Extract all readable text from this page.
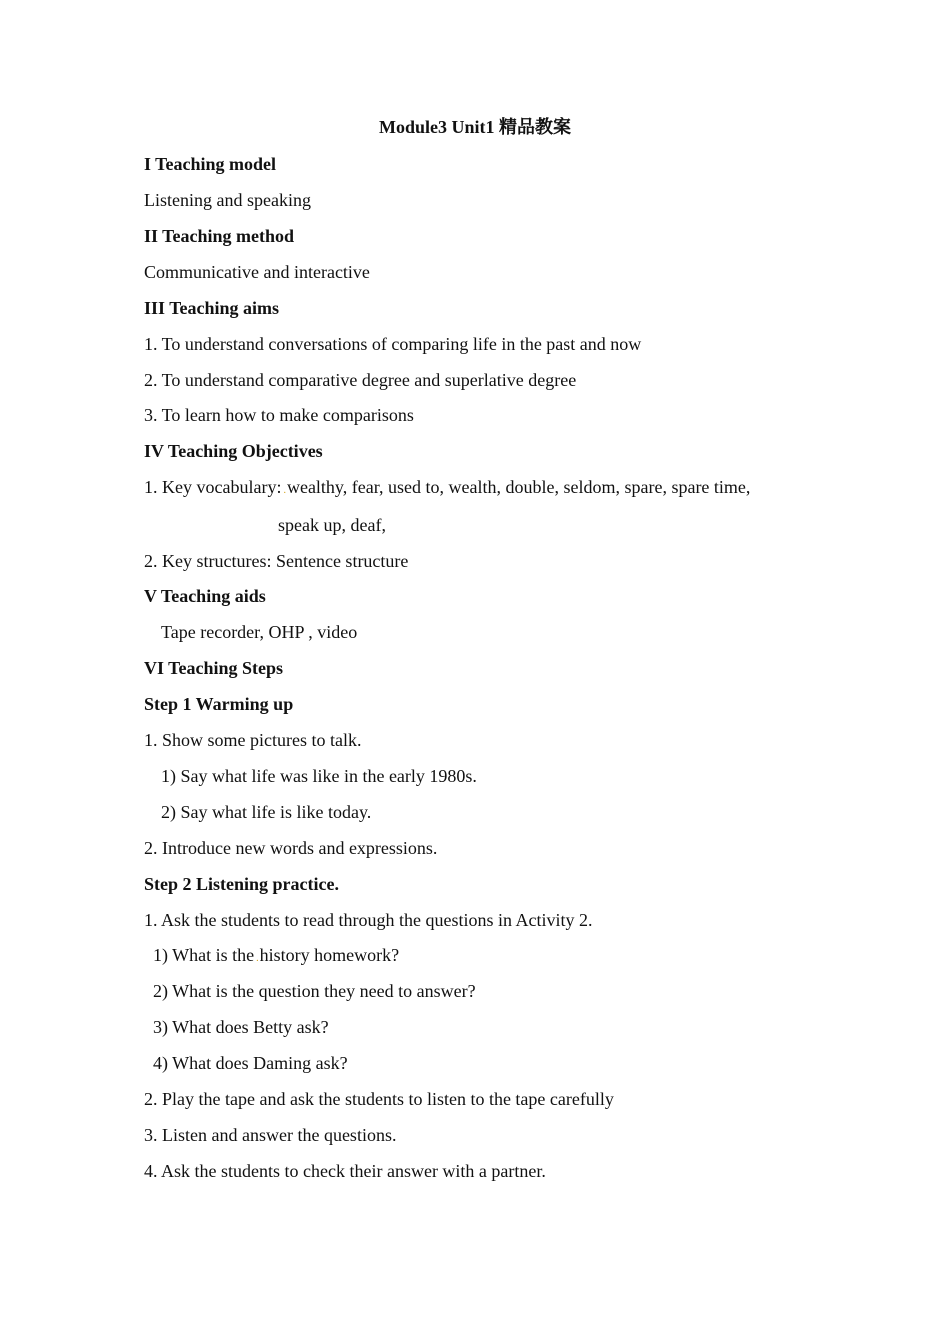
Module3 Unit1 精品教案
I Teaching model
Listening and speaking
II Teaching method
Communicative and interactive
III Teaching aims
1. To understand conversations of comparing life in the past and now
2. To understand comparative degree and superlative degree
3. To learn how to make comparisons
IV Teaching Objectives
1. Key vocabulary: .wealthy, fear, used to, wealth, double, seldom, spare, spare time,
speak up, deaf,
2. Key structures: Sentence structure
V Teaching aids
Tape recorder, OHP , video
VI Teaching Steps
Step 1 Warming up
1. Show some pictures to talk.
1) Say what life was like in the early 1980s.
2) Say what life is like today.
2. Introduce new words and expressions.
Step 2 Listening practice.
1. Ask the students to read through the questions in Activity 2.
1) What is the .history homework?
2) What is the question they need to answer?
3) What does Betty ask?
4) What does Daming ask?
2. Play the tape and ask the students to listen to the tape carefully
3. Listen and answer the questions.
4. Ask the students to check their answer with a partner.
